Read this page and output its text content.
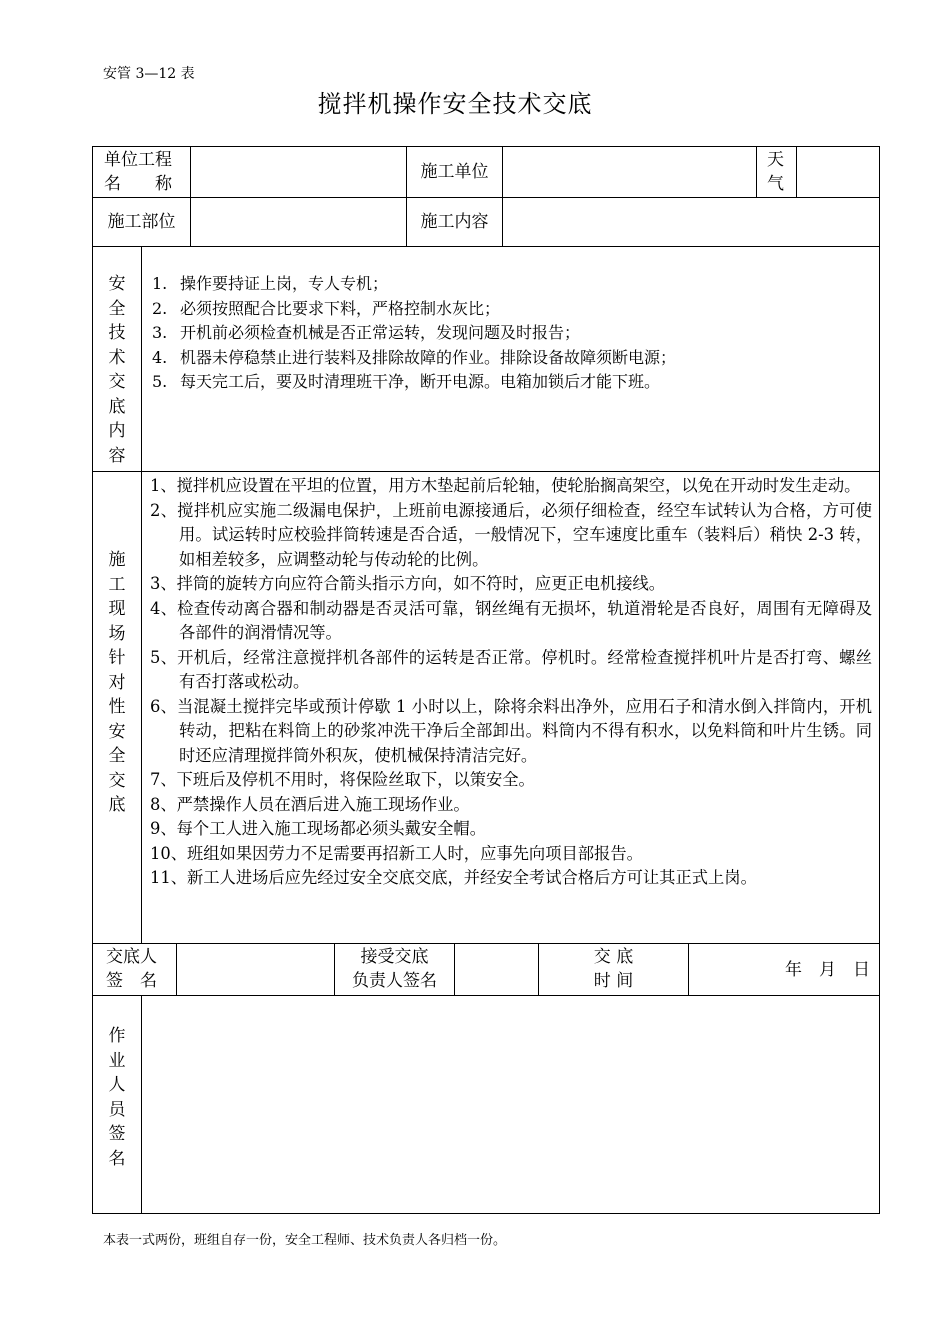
安管 3—12 表
搅拌机操作安全技术交底
单位工程
名　　称
施工单位
天
气
施工部位	施工内容
安
全
技
术
交
底
内
容
1. 操作要持证上岗，专人专机；
2. 必须按照配合比要求下料，严格控制水灰比；
3. 开机前必须检查机械是否正常运转，发现问题及时报告；
4. 机器未停稳禁止进行装料及排除故障的作业。排除设备故障须断电源；
5. 每天完工后，要及时清理班干净，断开电源。电箱加锁后才能下班。
施
工
现
场
针
对
性
安
全
交
底
1、搅拌机应设置在平坦的位置，用方木垫起前后轮轴，使轮胎搁高架空，以免在开动时发生走动。
2、搅拌机应实施二级漏电保护，上班前电源接通后，必须仔细检查，经空车试转认为合格，方可使用。试运转时应校验拌筒转速是否合适，一般情况下，空车速度比重车（装料后）稍快 2-3 转，如相差较多，应调整动轮与传动轮的比例。
3、拌筒的旋转方向应符合箭头指示方向，如不符时，应更正电机接线。
4、检查传动离合器和制动器是否灵活可靠，钢丝绳有无损坏，轨道滑轮是否良好，周围有无障碍及各部件的润滑情况等。
5、开机后，经常注意搅拌机各部件的运转是否正常。停机时。经常检查搅拌机叶片是否打弯、螺丝有否打落或松动。
6、当混凝土搅拌完毕或预计停歇 1 小时以上，除将余料出净外，应用石子和清水倒入拌筒内，开机转动，把粘在料筒上的砂浆冲洗干净后全部卸出。料筒内不得有积水，以免料筒和叶片生锈。同时还应清理搅拌筒外积灰，使机械保持清洁完好。
7、下班后及停机不用时，将保险丝取下，以策安全。
8、严禁操作人员在酒后进入施工现场作业。
9、每个工人进入施工现场都必须头戴安全帽。
10、班组如果因劳力不足需要再招新工人时，应事先向项目部报告。
11、新工人进场后应先经过安全交底交底，并经安全考试合格后方可让其正式上岗。
交底人
签　名
接受交底
负责人签名
交 底
时 间
年　月　日
作
业
人
员
签
名
本表一式两份，班组自存一份，安全工程师、技术负责人各归档一份。
